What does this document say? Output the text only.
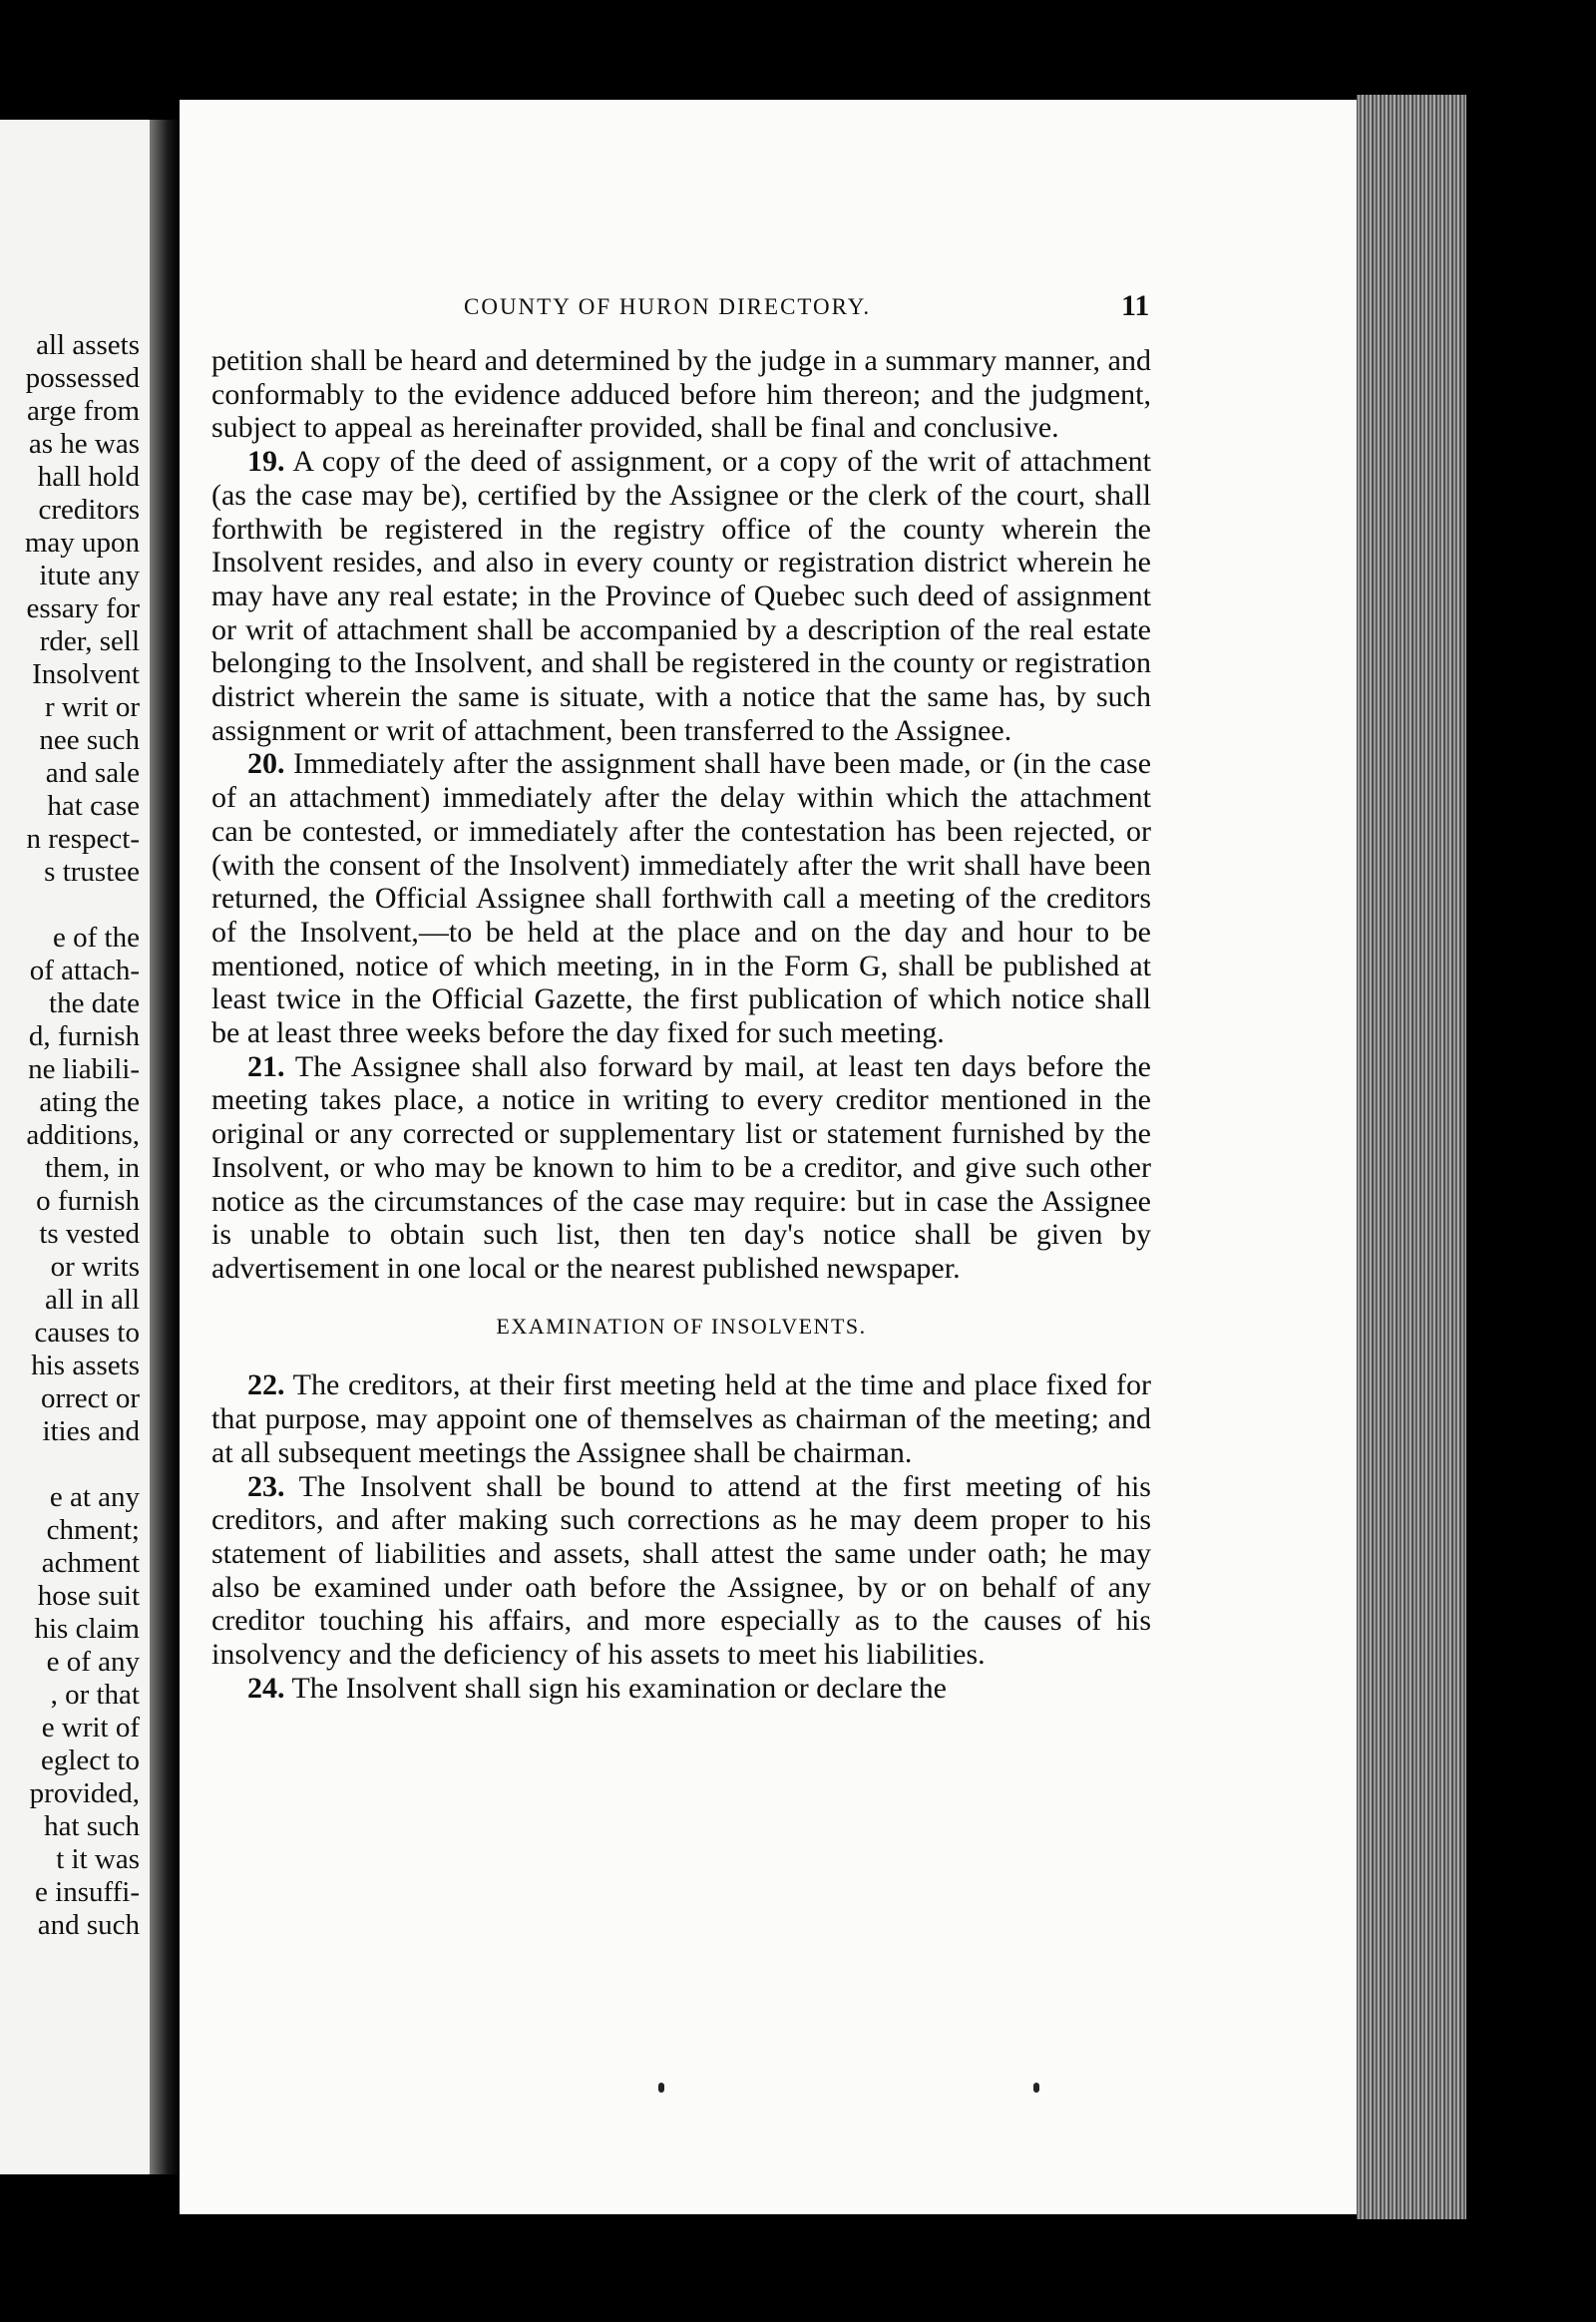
all assets
possessed
arge from
as he was
hall hold
creditors
may upon
itute any
essary for
rder, sell
Insolvent
r writ or
nee such
and sale
hat case
n respect-
s trustee
e of the
of attach-
the date
d, furnish
ne liabili-
ating the
additions,
them, in
o furnish
ts vested
or writs
all in all
causes to
his assets
orrect or
ities and
e at any
chment;
achment
hose suit
his claim
e of any
, or that
e writ of
eglect to
provided,
hat such
t it was
e insuffi-
and such
COUNTY OF HURON DIRECTORY.	11

petition shall be heard and determined by the judge in a summary manner, and conformably to the evidence adduced before him thereon; and the judgment, subject to appeal as hereinafter provided, shall be final and conclusive.

19. A copy of the deed of assignment, or a copy of the writ of attachment (as the case may be), certified by the Assignee or the clerk of the court, shall forthwith be registered in the registry office of the county wherein the Insolvent resides, and also in every county or registration district wherein he may have any real estate; in the Province of Quebec such deed of assignment or writ of attachment shall be accompanied by a description of the real estate belonging to the Insolvent, and shall be registered in the county or registration district wherein the same is situate, with a notice that the same has, by such assignment or writ of attachment, been transferred to the Assignee.

20. Immediately after the assignment shall have been made, or (in the case of an attachment) immediately after the delay within which the attachment can be contested, or immediately after the contestation has been rejected, or (with the consent of the Insolvent) immediately after the writ shall have been returned, the Official Assignee shall forthwith call a meeting of the creditors of the Insolvent,—to be held at the place and on the day and hour to be mentioned, notice of which meeting, in in the Form G, shall be published at least twice in the Official Gazette, the first publication of which notice shall be at least three weeks before the day fixed for such meeting.

21. The Assignee shall also forward by mail, at least ten days before the meeting takes place, a notice in writing to every creditor mentioned in the original or any corrected or supplementary list or statement furnished by the Insolvent, or who may be known to him to be a creditor, and give such other notice as the circumstances of the case may require: but in case the Assignee is unable to obtain such list, then ten day's notice shall be given by advertisement in one local or the nearest published newspaper.

EXAMINATION OF INSOLVENTS.

22. The creditors, at their first meeting held at the time and place fixed for that purpose, may appoint one of themselves as chairman of the meeting; and at all subsequent meetings the Assignee shall be chairman.

23. The Insolvent shall be bound to attend at the first meeting of his creditors, and after making such corrections as he may deem proper to his statement of liabilities and assets, shall attest the same under oath; he may also be examined under oath before the Assignee, by or on behalf of any creditor touching his affairs, and more especially as to the causes of his insolvency and the deficiency of his assets to meet his liabilities.

24. The Insolvent shall sign his examination or declare the
